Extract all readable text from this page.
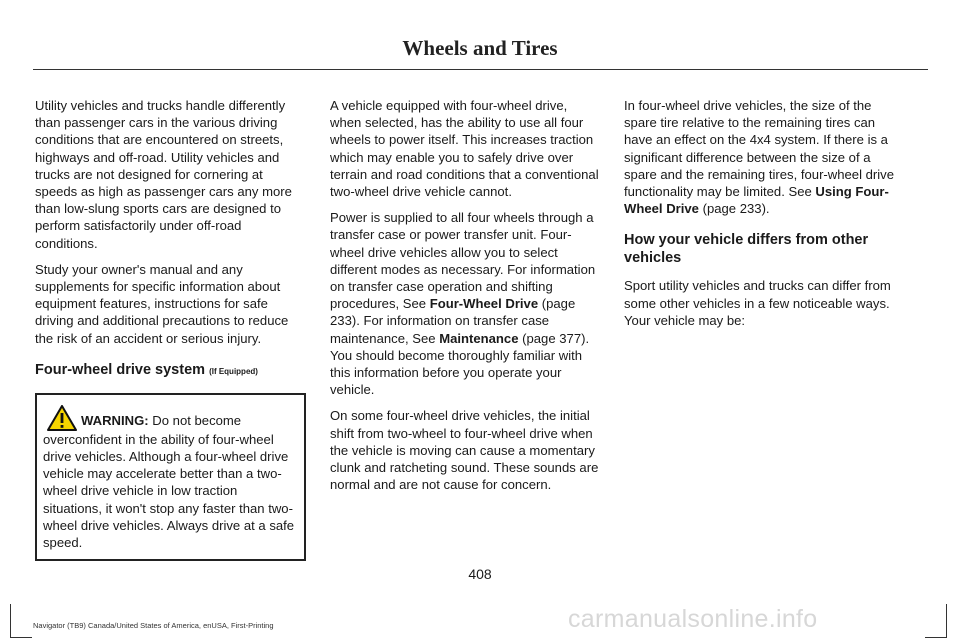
Wheels and Tires

Utility vehicles and trucks handle differently than passenger cars in the various driving conditions that are encountered on streets, highways and off-road. Utility vehicles and trucks are not designed for cornering at speeds as high as passenger cars any more than low-slung sports cars are designed to perform satisfactorily under off-road conditions.

Study your owner's manual and any supplements for specific information about equipment features, instructions for safe driving and additional precautions to reduce the risk of an accident or serious injury.

Four-wheel drive system (If Equipped)
WARNING: Do not become overconfident in the ability of four-wheel drive vehicles. Although a four-wheel drive vehicle may accelerate better than a two-wheel drive vehicle in low traction situations, it won't stop any faster than two-wheel drive vehicles. Always drive at a safe speed.

A vehicle equipped with four-wheel drive, when selected, has the ability to use all four wheels to power itself. This increases traction which may enable you to safely drive over terrain and road conditions that a conventional two-wheel drive vehicle cannot.

Power is supplied to all four wheels through a transfer case or power transfer unit. Four-wheel drive vehicles allow you to select different modes as necessary. For information on transfer case operation and shifting procedures, See Four-Wheel Drive (page 233). For information on transfer case maintenance, See Maintenance (page 377). You should become thoroughly familiar with this information before you operate your vehicle.

On some four-wheel drive vehicles, the initial shift from two-wheel to four-wheel drive when the vehicle is moving can cause a momentary clunk and ratcheting sound. These sounds are normal and are not cause for concern.

In four-wheel drive vehicles, the size of the spare tire relative to the remaining tires can have an effect on the 4x4 system. If there is a significant difference between the size of a spare and the remaining tires, four-wheel drive functionality may be limited. See Using Four-Wheel Drive (page 233).

How your vehicle differs from other vehicles

Sport utility vehicles and trucks can differ from some other vehicles in a few noticeable ways. Your vehicle may be:

408
Navigator (TB9) Canada/United States of America, enUSA, First-Printing	carmanualsonline.info
